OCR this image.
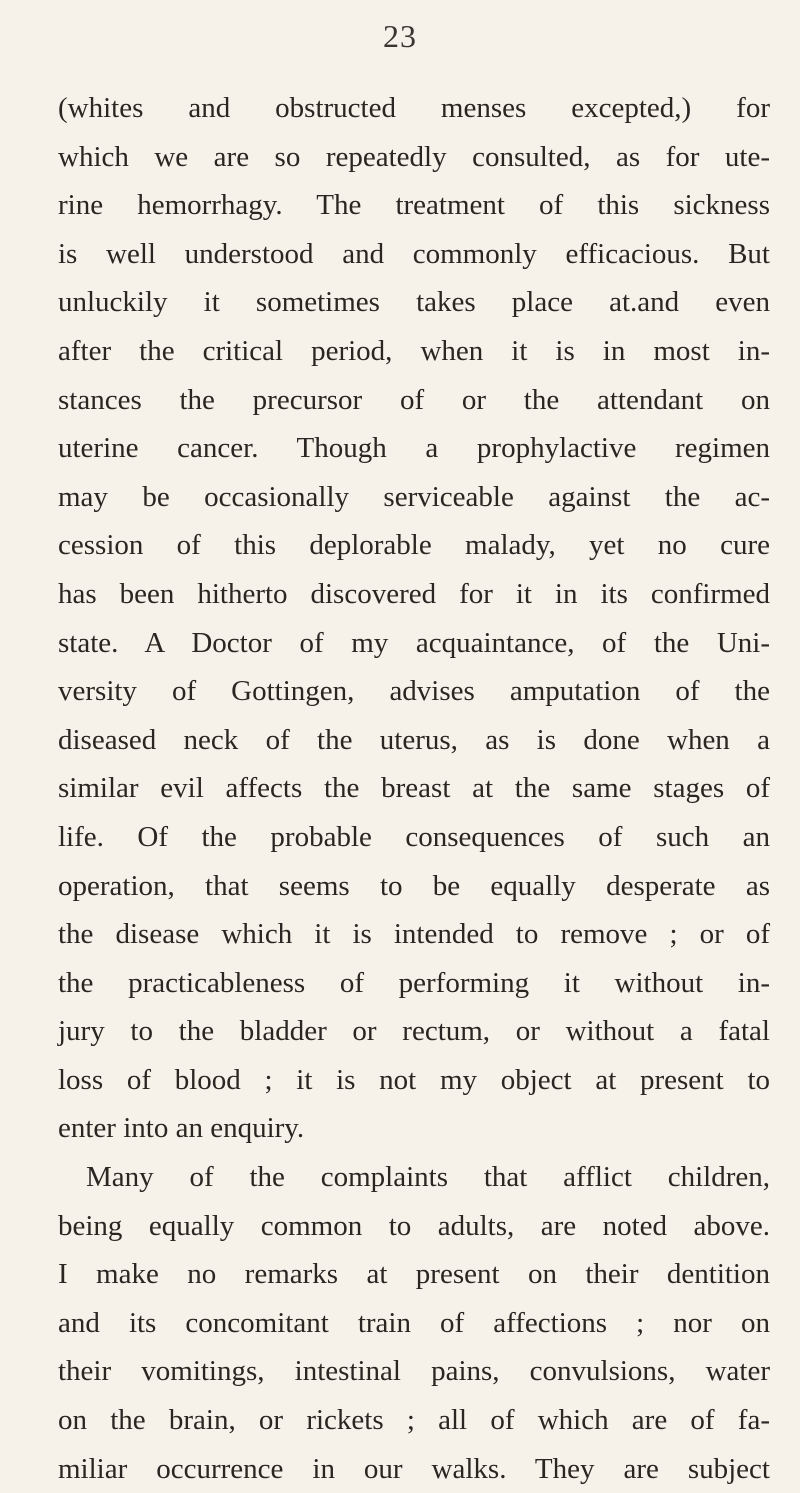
23
(whites and obstructed menses excepted,) for
which we are so repeatedly consulted, as for ute-
rine hemorrhagy. The treatment of this sickness
is well understood and commonly efficacious. But
unluckily it sometimes takes place at.and even
after the critical period, when it is in most in-
stances the precursor of or the attendant on
uterine cancer. Though a prophylactive regimen
may be occasionally serviceable against the ac-
cession of this deplorable malady, yet no cure
has been hitherto discovered for it in its confirmed
state. A Doctor of my acquaintance, of the Uni-
versity of Gottingen, advises amputation of the
diseased neck of the uterus, as is done when a
similar evil affects the breast at the same stages of
life. Of the probable consequences of such an
operation, that seems to be equally desperate as
the disease which it is intended to remove ; or of
the practicableness of performing it without in-
jury to the bladder or rectum, or without a fatal
loss of blood ; it is not my object at present to
enter into an enquiry.
Many of the complaints that afflict children,
being equally common to adults, are noted above.
I make no remarks at present on their dentition
and its concomitant train of affections ; nor on
their vomitings, intestinal pains, convulsions, water
on the brain, or rickets ; all of which are of fa-
miliar occurrence in our walks. They are subject
